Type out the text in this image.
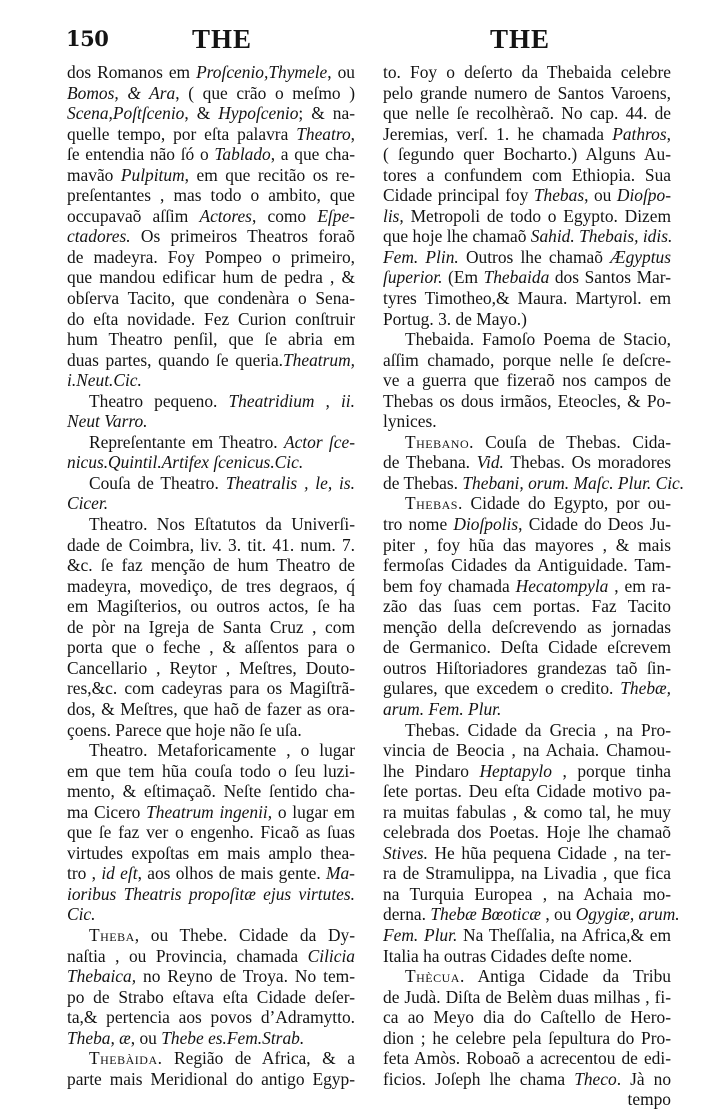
150	THE	THE
dos Romanos em Proſcenio,Thymele, ou
Bomos, & Ara, ( que crão o meſmo )
Scena,Poſtſcenio, & Hypoſcenio; & na-
quelle tempo, por eſta palavra Theatro,
ſe entendia não ſó o Tablado, a que cha-
mavão Pulpitum, em que recitão os re-
preſentantes , mas todo o ambito, que
occupavaõ aſſim Actores, como Eſpe-
ctadores. Os primeiros Theatros foraõ
de madeyra. Foy Pompeo o primeiro,
que mandou edificar hum de pedra , &
obſerva Tacito, que condenàra o Sena-
do eſta novidade. Fez Curion conſtruir
hum Theatro penſil, que ſe abria em
duas partes, quando ſe queria.Theatrum,
i.Neut.Cic.
Theatro pequeno. Theatridium , ii.
Neut Varro.
Repreſentante em Theatro. Actor ſce-
nicus.Quintil.Artifex ſcenicus.Cic.
Couſa de Theatro. Theatralis , le, is.
Cicer.
Theatro. Nos Eſtatutos da Univerſi-
dade de Coimbra, liv. 3. tit. 41. num. 7.
&c. ſe faz menção de hum Theatro de
madeyra, movediço, de tres degraos, q́
em Magiſterios, ou outros actos, ſe ha
de pòr na Igreja de Santa Cruz , com
porta que o feche , & aſſentos para o
Cancellario , Reytor , Meſtres, Douto-
res,&c. com cadeyras para os Magiſtrã-
dos, & Meſtres, que haõ de fazer as ora-
çoens. Parece que hoje não ſe uſa.
Theatro. Metaforicamente , o lugar
em que tem hũa couſa todo o ſeu luzi-
mento, & eſtimaçaõ. Neſte ſentido cha-
ma Cicero Theatrum ingenii, o lugar em
que ſe faz ver o engenho. Ficaõ as ſuas
virtudes expoſtas em mais amplo thea-
tro , id eſt, aos olhos de mais gente. Ma-
ioribus Theatris propoſitæ ejus virtutes.
Cic.
Theba, ou Thebe. Cidade da Dy-
naſtia , ou Provincia, chamada Cilicia
Thebaica, no Reyno de Troya. No tem-
po de Strabo eſtava eſta Cidade deſer-
ta,& pertencia aos povos d’Adramytto.
Theba, æ, ou Thebe es.Fem.Strab.
Thebàida. Região de Africa, & a
parte mais Meridional do antigo Egyp-
to. Foy o deſerto da Thebaida celebre
pelo grande numero de Santos Varoens,
que nelle ſe recolhèraõ. No cap. 44. de
Jeremias, verſ. 1. he chamada Pathros,
( ſegundo quer Bocharto.) Alguns Au-
tores a confundem com Ethiopia. Sua
Cidade principal foy Thebas, ou Dioſpo-
lis, Metropoli de todo o Egypto. Dizem
que hoje lhe chamaõ Sahid. Thebais, idis.
Fem. Plin. Outros lhe chamaõ Ægyptus
ſuperior. (Em Thebaida dos Santos Mar-
tyres Timotheo,& Maura. Martyrol. em
Portug. 3. de Mayo.)
Thebaida. Famoſo Poema de Stacio,
aſſim chamado, porque nelle ſe deſcre-
ve a guerra que fizeraõ nos campos de
Thebas os dous irmãos, Eteocles, & Po-
lynices.
Thebano. Couſa de Thebas. Cida-
de Thebana. Vid. Thebas. Os moradores
de Thebas. Thebani, orum. Maſc. Plur. Cic.
Thebas. Cidade do Egypto, por ou-
tro nome Dioſpolis, Cidade do Deos Ju-
piter , foy hũa das mayores , & mais
fermoſas Cidades da Antiguidade. Tam-
bem foy chamada Hecatompyla , em ra-
zão das ſuas cem portas. Faz Tacito
menção della deſcrevendo as jornadas
de Germanico. Deſta Cidade eſcrevem
outros Hiſtoriadores grandezas taõ ſin-
gulares, que excedem o credito. Thebæ,
arum. Fem. Plur.
Thebas. Cidade da Grecia , na Pro-
vincia de Beocia , na Achaia. Chamou-
lhe Pindaro Heptapylo , porque tinha
ſete portas. Deu eſta Cidade motivo pa-
ra muitas fabulas , & como tal, he muy
celebrada dos Poetas. Hoje lhe chamaõ
Stives. He hũa pequena Cidade , na ter-
ra de Stramulippa, na Livadia , que fica
na Turquia Europea , na Achaia mo-
derna. Thebæ Bœoticæ , ou Ogygiæ, arum.
Fem. Plur. Na Theſſalia, na Africa,& em
Italia ha outras Cidades deſte nome.
Thècua. Antiga Cidade da Tribu
de Judà. Diſta de Belèm duas milhas , fi-
ca ao Meyo dia do Caſtello de Hero-
dion ; he celebre pela ſepultura do Pro-
feta Amòs. Roboaõ a acrecentou de edi-
ficios. Joſeph lhe chama Theco. Jà no
tempo
